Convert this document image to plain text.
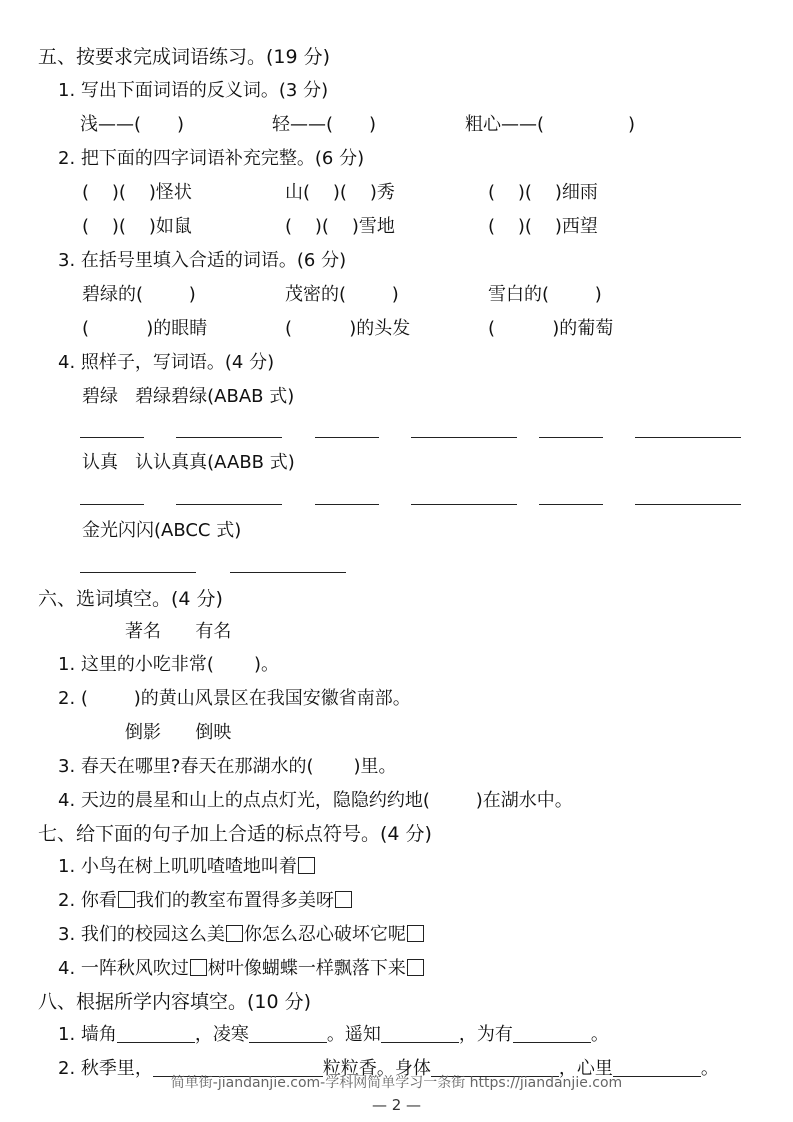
五、按要求完成词语练习。(19 分)
1. 写出下面词语的反义词。(3 分)
浅——( )	轻——( )	粗心——(	)
2. 把下面的四字词语补充完整。(6 分)
(    )(    )怪状	山(    )(    )秀	(    )(    )细雨
(    )(    )如鼠	(    )(    )雪地	(    )(    )西望
3. 在括号里填入合适的词语。(6 分)
碧绿的(        )	茂密的(        )	雪白的(        )
(          )的眼睛	(          )的头发	(          )的葡萄
4. 照样子，写词语。(4 分)
碧绿   碧绿碧绿(ABAB 式)
认真   认认真真(AABB 式)
金光闪闪(ABCC 式)
六、选词填空。(4 分)
著名      有名
1. 这里的小吃非常(       )。
2. (        )的黄山风景区在我国安徽省南部。
倒影      倒映
3. 春天在哪里?春天在那湖水的(       )里。
4. 天边的晨星和山上的点点灯光，隐隐约约地(        )在湖水中。
七、给下面的句子加上合适的标点符号。(4 分)
1. 小鸟在树上叽叽喳喳地叫着
2. 你看 我们的教室布置得多美呀
3. 我们的校园这么美 你怎么忍心破坏它呢
4. 一阵秋风吹过 树叶像蝴蝶一样飘落下来
八、根据所学内容填空。(10 分)
1. 墙角	，凌寒	。遥知	，为有	。
2. 秋季里，	粒粒香。身体	，心里	。
简单街-jiandanjie.com-学科网简单学习一条街 https://jiandanjie.com
— 2 —
